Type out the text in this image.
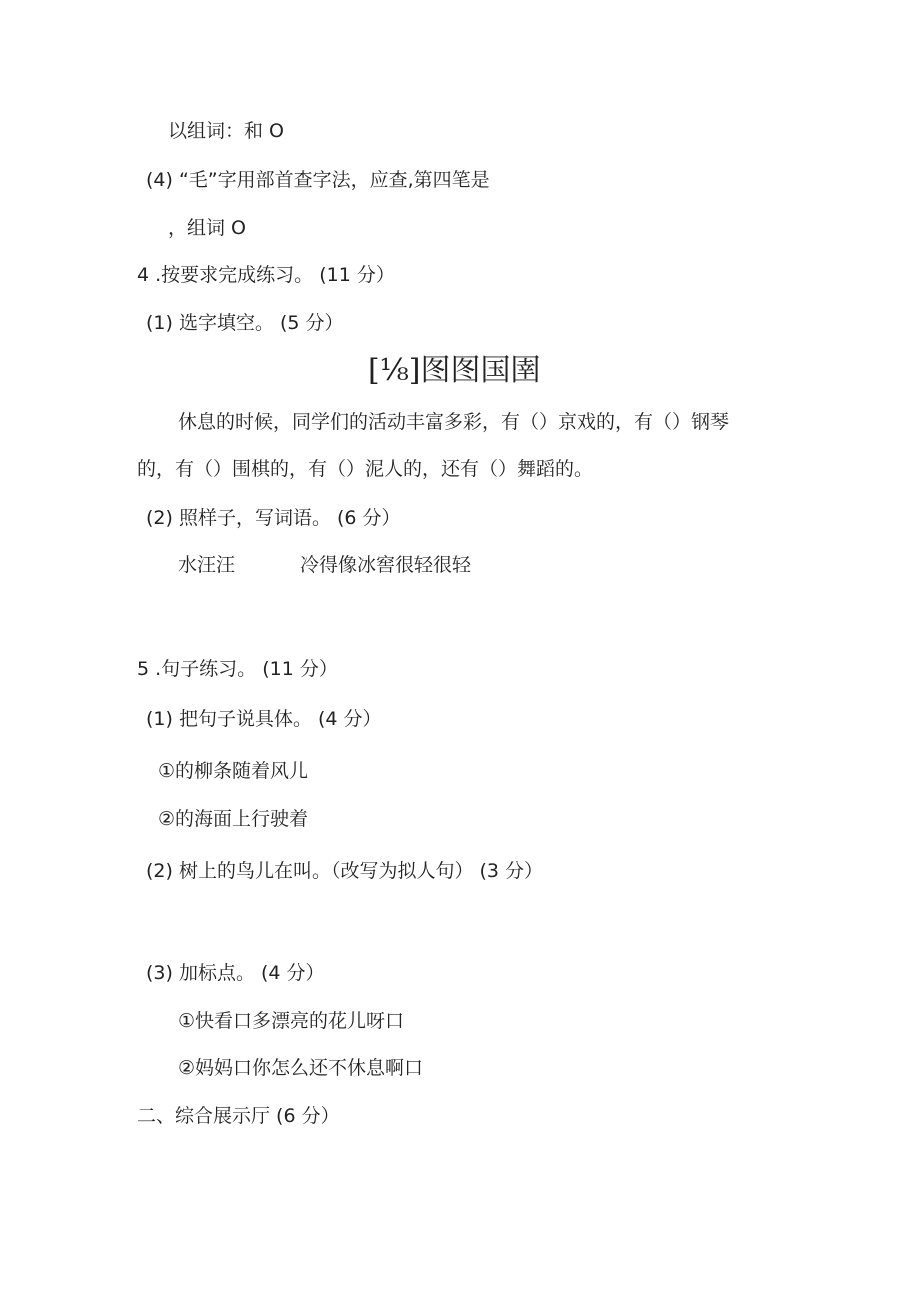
以组词：和 O
(4) “毛”字用部首查字法，应查,第四笔是
，组词 O
4 .按要求完成练习。 (11 分）
(1) 选字填空。 (5 分）
[⅛]图图国圉
休息的时候，同学们的活动丰富多彩，有（）京戏的，有（）钢琴
的，有（）围棋的，有（）泥人的，还有（）舞蹈的。
(2) 照样子，写词语。 (6 分）
水汪汪	冷得像冰窖很轻很轻
5 .句子练习。 (11 分）
(1) 把句子说具体。 (4 分）
①的柳条随着风儿
②的海面上行驶着
(2) 树上的鸟儿在叫。（改写为拟人句） (3 分）
(3) 加标点。 (4 分）
①快看口多漂亮的花儿呀口
②妈妈口你怎么还不休息啊口
二、综合展示厅 (6 分）
